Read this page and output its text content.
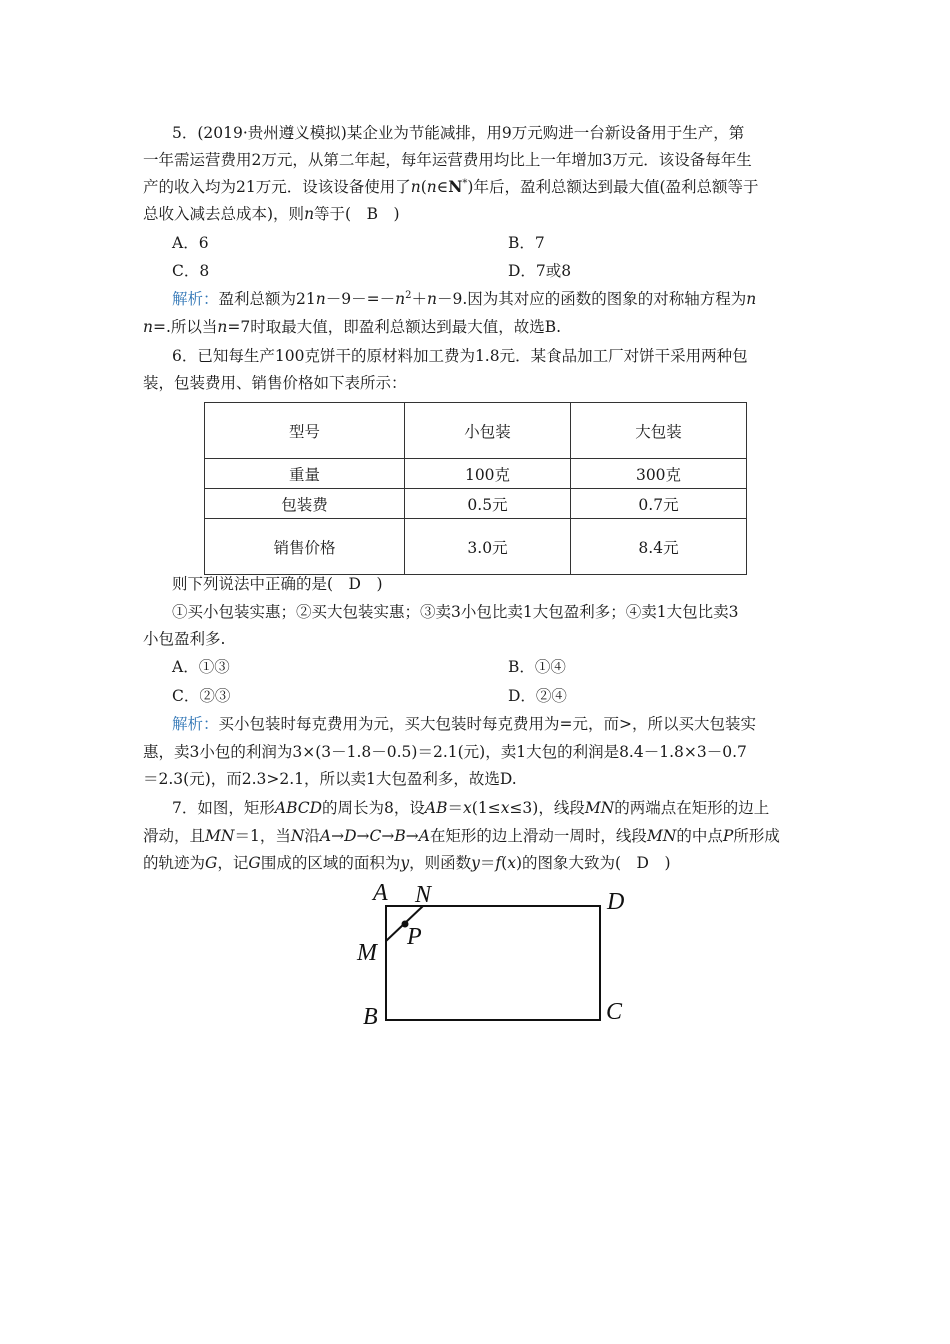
5．(2019·贵州遵义模拟)某企业为节能减排，用9万元购进一台新设备用于生产，第
一年需运营费用2万元，从第二年起，每年运营费用均比上一年增加3万元．该设备每年生
产的收入均为21万元．设该设备使用了n(n∈N*)年后，盈利总额达到最大值(盈利总额等于
总收入减去总成本)，则n等于(　B　)
A．6	B．7
C．8	D．7或8
解析：盈利总额为$21n-9-=-n^2+n-9$.因为其对应的函数的图象的对称轴方程为n
n=.所以当n=7时取最大值，即盈利总额达到最大值，故选B.
6．已知每生产100克饼干的原材料加工费为1.8元．某食品加工厂对饼干采用两种包
装，包装费用、销售价格如下表所示：
型号	小包装	大包装
重量	100克	300克
包装费	0.5元	0.7元
销售价格	3.0元	8.4元
则下列说法中正确的是(　D　)
①买小包装实惠；②买大包装实惠；③卖3小包比卖1大包盈利多；④卖1大包比卖3
小包盈利多.
A．①③	B．①④
C．②③	D．②④
解析：买小包装时每克费用为元，买大包装时每克费用为=元，而>，所以买大包装实
惠，卖3小包的利润为3×(3－1.8－0.5)＝2.1(元)，卖1大包的利润是8.4－1.8×3－0.7
＝2.3(元)，而2.3>2.1，所以卖1大包盈利多，故选D.
7．如图，矩形ABCD的周长为8，设AB＝x(1≤x≤3)，线段MN的两端点在矩形的边上
滑动，且MN＝1，当N沿A→D→C→B→A在矩形的边上滑动一周时，线段MN的中点P所形成
的轨迹为G，记G围成的区域的面积为y，则函数y＝f(x)的图象大致为(　D　)
A N	D
M
P
B	C
